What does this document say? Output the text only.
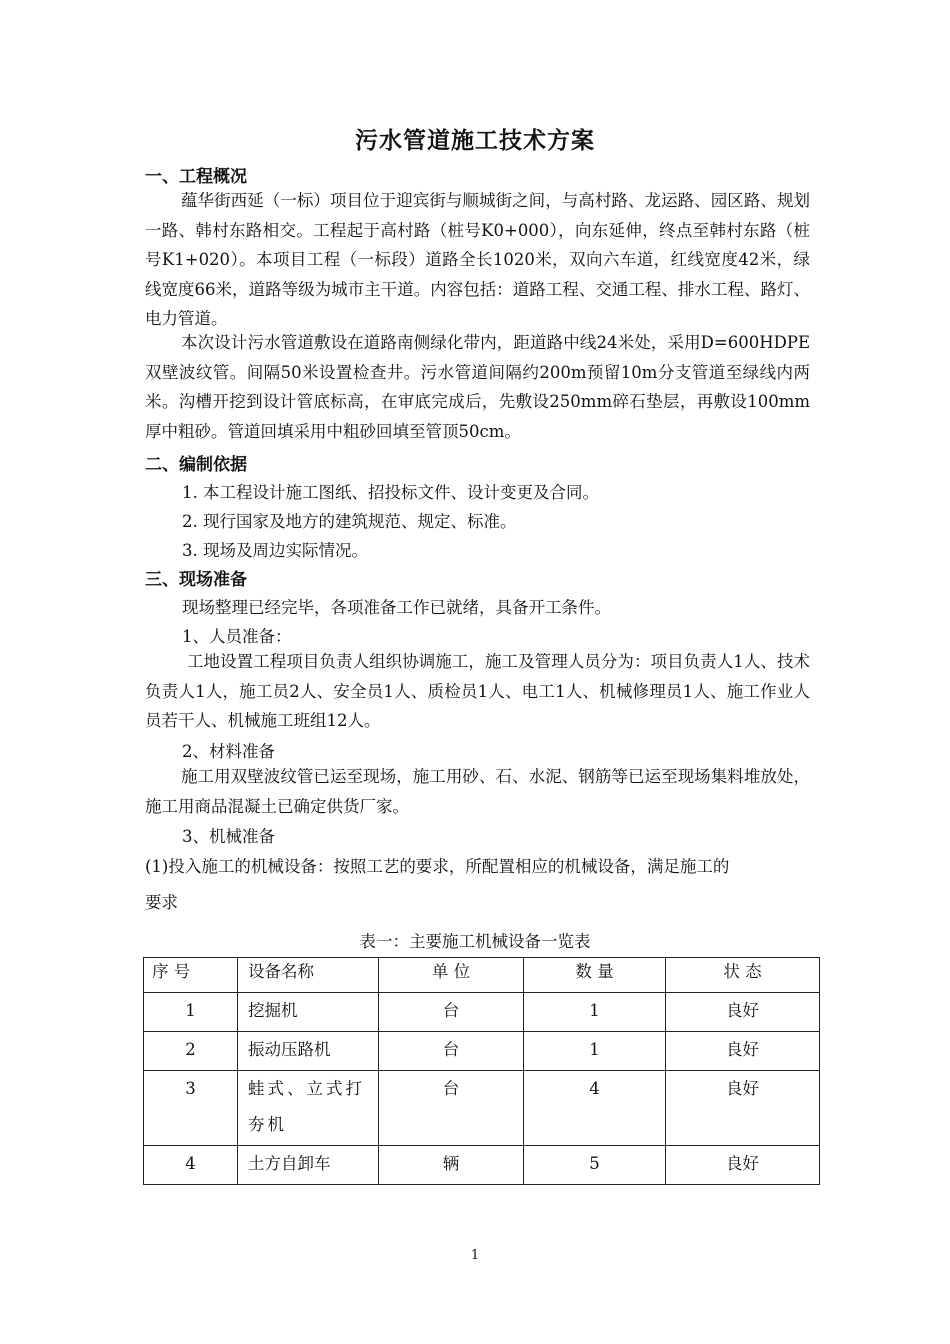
污水管道施工技术方案
一、工程概况
蕴华街西延（一标）项目位于迎宾街与顺城街之间，与高村路、龙运路、园区路、规划一路、韩村东路相交。工程起于高村路（桩号K0+000），向东延伸，终点至韩村东路（桩号K1+020）。本项目工程（一标段）道路全长1020米，双向六车道，红线宽度42米，绿线宽度66米，道路等级为城市主干道。内容包括：道路工程、交通工程、排水工程、路灯、电力管道。
本次设计污水管道敷设在道路南侧绿化带内，距道路中线24米处，采用D=600HDPE双壁波纹管。间隔50米设置检查井。污水管道间隔约200m预留10m分支管道至绿线内两米。沟槽开挖到设计管底标高，在审底完成后，先敷设250mm碎石垫层，再敷设100mm厚中粗砂。管道回填采用中粗砂回填至管顶50cm。
二、编制依据
1. 本工程设计施工图纸、招投标文件、设计变更及合同。
2. 现行国家及地方的建筑规范、规定、标准。
3. 现场及周边实际情况。
三、现场准备
现场整理已经完毕，各项准备工作已就绪，具备开工条件。
1、人员准备：
工地设置工程项目负责人组织协调施工，施工及管理人员分为：项目负责人1人、技术负责人1人，施工员2人、安全员1人、质检员1人、电工1人、机械修理员1人、施工作业人员若干人、机械施工班组12人。
2、材料准备
施工用双壁波纹管已运至现场，施工用砂、石、水泥、钢筋等已运至现场集料堆放处，施工用商品混凝土已确定供货厂家。
3、机械准备
(1)投入施工的机械设备：按照工艺的要求，所配置相应的机械设备，满足施工的
要求
表一：主要施工机械设备一览表
序 号	设备名称	单 位	数 量	状 态
1	挖掘机	台	1	良好
2	振动压路机	台	1	良好
3	蛙式、立式打夯机	台	4	良好
4	土方自卸车	辆	5	良好
1
